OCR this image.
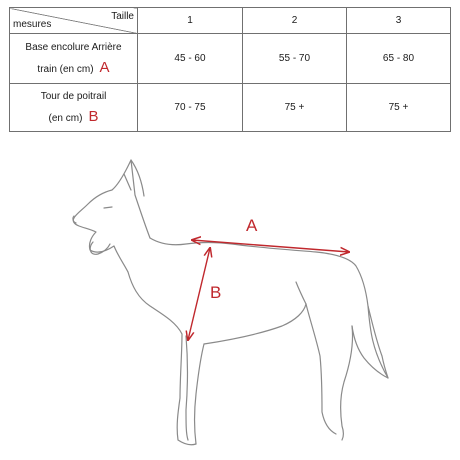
Taille
mesures	1	2	3

Base encolure Arrière
train (en cm) A	45 - 60	55 - 70	65 - 80

Tour de poitrail
(en cm) B	70 - 75	75 +	75 +
A
B
